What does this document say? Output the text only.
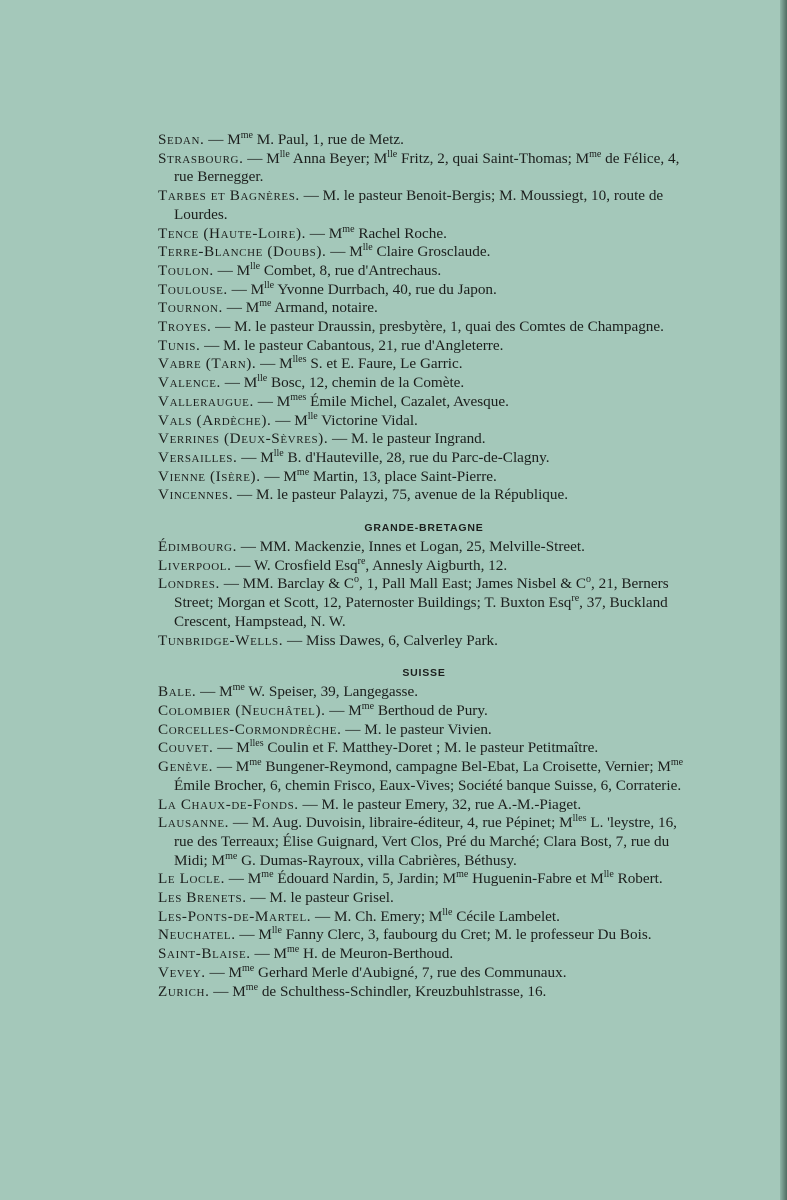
Sedan. — $M^{me}$ M. Paul, 1, rue de Metz.
Strasbourg. — $M^{lle}$ Anna Beyer; $M^{lle}$ Fritz, 2, quai Saint-Thomas; $M^{me}$ de Félice, 4, rue Bernegger.
Tarbes et Bagnères. — M. le pasteur Benoit-Bergis; M. Moussiegt, 10, route de Lourdes.
Tence (Haute-Loire). — $M^{me}$ Rachel Roche.
Terre-Blanche (Doubs). — $M^{lle}$ Claire Grosclaude.
Toulon. — $M^{lle}$ Combet, 8, rue d'Antrechaus.
Toulouse. — $M^{lle}$ Yvonne Durrbach, 40, rue du Japon.
Tournon. — $M^{me}$ Armand, notaire.
Troyes. — M. le pasteur Draussin, presbytère, 1, quai des Comtes de Champagne.
Tunis. — M. le pasteur Cabantous, 21, rue d'Angleterre.
Vabre (Tarn). — $M^{lles}$ S. et E. Faure, Le Garric.
Valence. — $M^{lle}$ Bosc, 12, chemin de la Comète.
Valleraugue. — $M^{mes}$ Émile Michel, Cazalet, Avesque.
Vals (Ardèche). — $M^{lle}$ Victorine Vidal.
Verrines (Deux-Sèvres). — M. le pasteur Ingrand.
Versailles. — $M^{lle}$ B. d'Hauteville, 28, rue du Parc-de-Clagny.
Vienne (Isère). — $M^{me}$ Martin, 13, place Saint-Pierre.
Vincennes. — M. le pasteur Palayzi, 75, avenue de la République.
GRANDE-BRETAGNE
Édimbourg. — MM. Mackenzie, Innes et Logan, 25, Melville-Street.
Liverpool. — W. Crosfield Esq$^{re}$, Annesly Aigburth, 12.
Londres. — MM. Barclay & $C^o$, 1, Pall Mall East; James Nisbel & $C^o$, 21, Berners Street; Morgan et Scott, 12, Paternoster Buildings; T. Buxton Esq$^{re}$, 37, Buckland Crescent, Hampstead, N. W.
Tunbridge-Wells. — Miss Dawes, 6, Calverley Park.
SUISSE
Bale. — $M^{me}$ W. Speiser, 39, Langegasse.
Colombier (Neuchâtel). — $M^{me}$ Berthoud de Pury.
Corcelles-Cormondrèche. — M. le pasteur Vivien.
Couvet. — $M^{lles}$ Coulin et F. Matthey-Doret ; M. le pasteur Petitmaître.
Genève. — $M^{me}$ Bungener-Reymond, campagne Bel-Ebat, La Croisette, Vernier; $M^{me}$ Émile Brocher, 6, chemin Frisco, Eaux-Vives; Société banque Suisse, 6, Corraterie.
La Chaux-de-Fonds. — M. le pasteur Emery, 32, rue A.-M.-Piaget.
Lausanne. — M. Aug. Duvoisin, libraire-éditeur, 4, rue Pépinet; $M^{lles}$ L. 'leystre, 16, rue des Terreaux; Élise Guignard, Vert Clos, Pré du Marché; Clara Bost, 7, rue du Midi; $M^{me}$ G. Dumas-Rayroux, villa Cabrières, Béthusy.
Le Locle. — $M^{me}$ Édouard Nardin, 5, Jardin; $M^{me}$ Huguenin-Fabre et $M^{lle}$ Robert.
Les Brenets. — M. le pasteur Grisel.
Les-Ponts-de-Martel. — M. Ch. Emery; $M^{lle}$ Cécile Lambelet.
Neuchatel. — $M^{lle}$ Fanny Clerc, 3, faubourg du Cret; M. le professeur Du Bois.
Saint-Blaise. — $M^{me}$ H. de Meuron-Berthoud.
Vevey. — $M^{me}$ Gerhard Merle d'Aubigné, 7, rue des Communaux.
Zurich. — $M^{me}$ de Schulthess-Schindler, Kreuzbuhlstrasse, 16.
